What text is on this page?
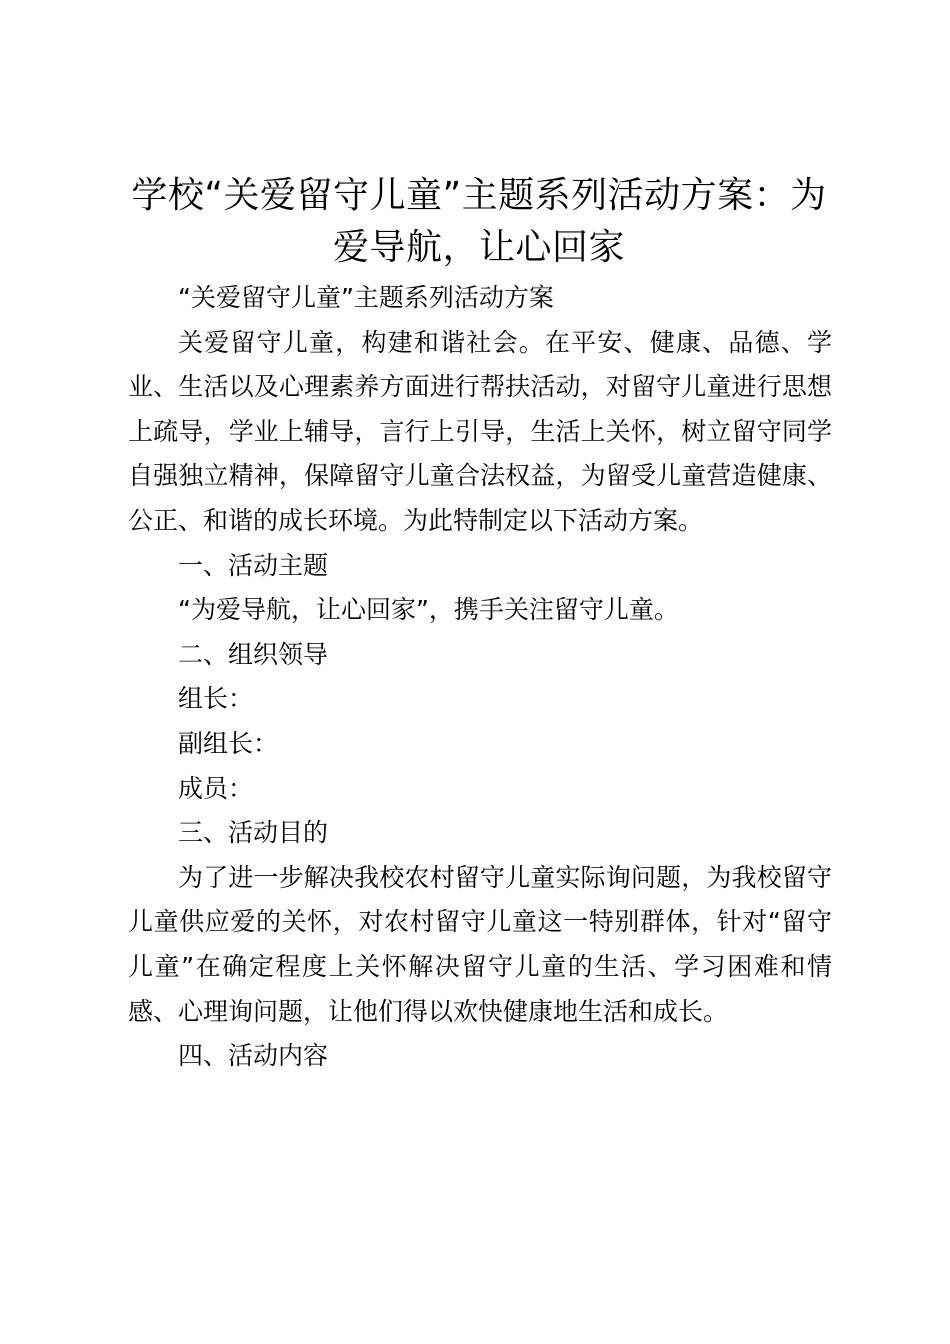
学校“关爱留守儿童”主题系列活动方案：为爱导航，让心回家

“关爱留守儿童”主题系列活动方案

关爱留守儿童，构建和谐社会。在平安、健康、品德、学业、生活以及心理素养方面进行帮扶活动，对留守儿童进行思想上疏导，学业上辅导，言行上引导，生活上关怀，树立留守同学自强独立精神，保障留守儿童合法权益，为留受儿童营造健康、公正、和谐的成长环境。为此特制定以下活动方案。

一、活动主题

“为爱导航，让心回家”，携手关注留守儿童。

二、组织领导

组长：

副组长：

成员：

三、活动目的

为了进一步解决我校农村留守儿童实际询问题，为我校留守儿童供应爱的关怀，对农村留守儿童这一特别群体，针对“留守儿童”在确定程度上关怀解决留守儿童的生活、学习困难和情感、心理询问题，让他们得以欢快健康地生活和成长。

四、活动内容
